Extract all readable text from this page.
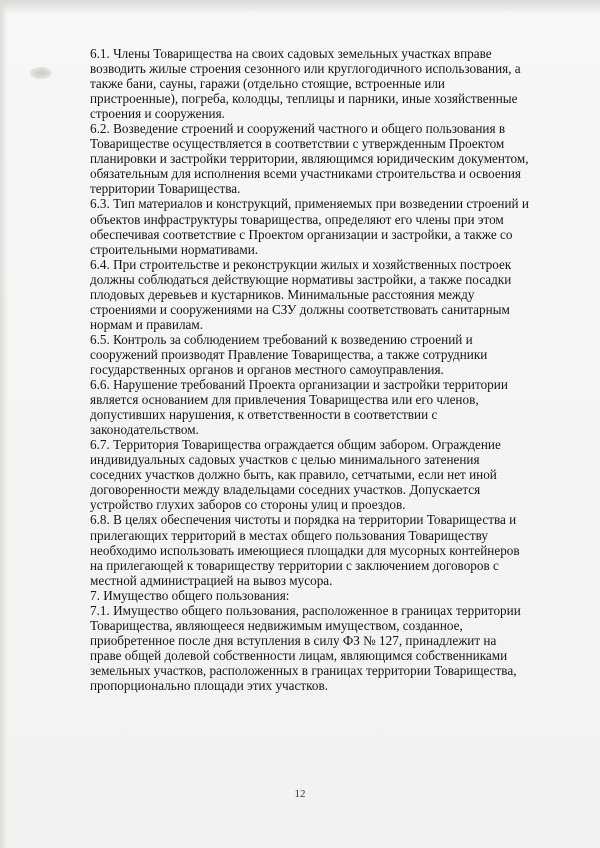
6.1. Члены Товарищества на своих садовых земельных участках вправе
возводить жилые строения сезонного или круглогодичного использования, а
также бани, сауны, гаражи (отдельно стоящие, встроенные или
пристроенные), погреба, колодцы, теплицы и парники, иные хозяйственные
строения и сооружения.

6.2. Возведение строений и сооружений частного и общего пользования в
Товариществе осуществляется в соответствии с утвержденным Проектом
планировки и застройки территории, являющимся юридическим документом,
обязательным для исполнения всеми участниками строительства и освоения
территории Товарищества.

6.3. Тип материалов и конструкций, применяемых при возведении строений и
объектов инфраструктуры товарищества, определяют его члены при этом
обеспечивая соответствие с Проектом организации и застройки, а также со
строительными нормативами.

6.4. При строительстве и реконструкции жилых и хозяйственных построек
должны соблюдаться действующие нормативы застройки, а также посадки
плодовых деревьев и кустарников. Минимальные расстояния между
строениями и сооружениями на СЗУ должны соответствовать санитарным
нормам и правилам.

6.5. Контроль за соблюдением требований к возведению строений и
сооружений производят Правление Товарищества, а также сотрудники
государственных органов и органов местного самоуправления.

6.6. Нарушение требований Проекта организации и застройки территории
является основанием для привлечения Товарищества или его членов,
допустивших нарушения, к ответственности в соответствии с
законодательством.

6.7. Территория Товарищества ограждается общим забором. Ограждение
индивидуальных садовых участков с целью минимального затенения
соседних участков должно быть, как правило, сетчатыми, если нет иной
договоренности между владельцами соседних участков. Допускается
устройство глухих заборов со стороны улиц и проездов.

6.8. В целях обеспечения чистоты и порядка на территории Товарищества и
прилегающих территорий в местах общего пользования Товариществу
необходимо использовать имеющиеся площадки для мусорных контейнеров
на прилегающей к товариществу территории с заключением договоров с
местной администрацией на вывоз мусора.

7. Имущество общего пользования:

7.1. Имущество общего пользования, расположенное в границах территории
Товарищества, являющееся недвижимым имуществом, созданное,
приобретенное после дня вступления в силу ФЗ № 127, принадлежит на
праве общей долевой собственности лицам, являющимся собственниками
земельных участков, расположенных в границах территории Товарищества,
пропорционально площади этих участков.

12
